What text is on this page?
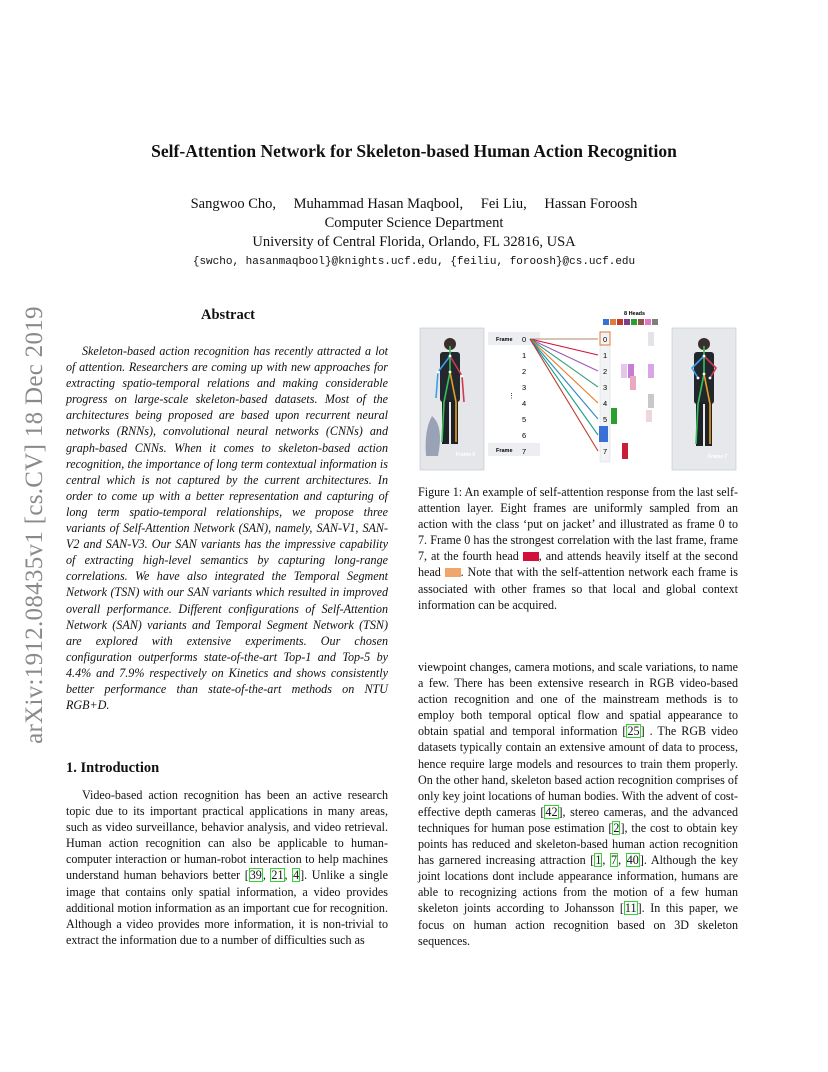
arXiv:1912.08435v1 [cs.CV] 18 Dec 2019
Self-Attention Network for Skeleton-based Human Action Recognition
Sangwoo Cho, Muhammad Hasan Maqbool, Fei Liu, Hassan Foroosh
Computer Science Department
University of Central Florida, Orlando, FL 32816, USA
{swcho, hasanmaqbool}@knights.ucf.edu, {feiliu, foroosh}@cs.ucf.edu
Abstract

Skeleton-based action recognition has recently attracted a lot of attention. Researchers are coming up with new approaches for extracting spatio-temporal relations and making considerable progress on large-scale skeleton-based datasets. Most of the architectures being proposed are based upon recurrent neural networks (RNNs), convolutional neural networks (CNNs) and graph-based CNNs. When it comes to skeleton-based action recognition, the importance of long term contextual information is central which is not captured by the current architectures. In order to come up with a better representation and capturing of long term spatio-temporal relationships, we propose three variants of Self-Attention Network (SAN), namely, SAN-V1, SAN-V2 and SAN-V3. Our SAN variants has the impressive capability of extracting high-level semantics by capturing long-range correlations. We have also integrated the Temporal Segment Network (TSN) with our SAN variants which resulted in improved overall performance. Different configurations of Self-Attention Network (SAN) variants and Temporal Segment Network (TSN) are explored with extensive experiments. Our chosen configuration outperforms state-of-the-art Top-1 and Top-5 by 4.4% and 7.9% respectively on Kinetics and shows consistently better performance than state-of-the-art methods on NTU RGB+D.

1. Introduction

Video-based action recognition has been an active research topic due to its important practical applications in many areas, such as video surveillance, behavior analysis, and video retrieval. Human action recognition can also be applicable to human-computer interaction or human-robot interaction to help machines understand human behaviors better [39, 21, 4]. Unlike a single image that contains only spatial information, a video provides additional motion information as an important cue for recognition. Although a video provides more information, it is non-trivial to extract the information due to a number of difficulties such as

Frame 0	Frame 7
8 Heads
Frame
Frame
0
1
2
3
4
5
6
7
⋮
0
1
2
3
4
5
7

Figure 1: An example of self-attention response from the last self-attention layer. Eight frames are uniformly sampled from an action with the class ‘put on jacket’ and illustrated as frame 0 to 7. Frame 0 has the strongest correlation with the last frame, frame 7, at the fourth head , and attends heavily itself at the second head . Note that with the self-attention network each frame is associated with other frames so that local and global context information can be acquired.

viewpoint changes, camera motions, and scale variations, to name a few. There has been extensive research in RGB video-based action recognition and one of the mainstream methods is to employ both temporal optical flow and spatial appearance to obtain spatial and temporal information [25] . The RGB video datasets typically contain an extensive amount of data to process, hence require large models and resources to train them properly. On the other hand, skeleton based action recognition comprises of only key joint locations of human bodies. With the advent of cost-effective depth cameras [42], stereo cameras, and the advanced techniques for human pose estimation [2], the cost to obtain key points has reduced and skeleton-based human action recognition has garnered increasing attraction [1, 7, 40]. Although the key joint locations dont include appearance information, humans are able to recognizing actions from the motion of a few human skeleton joints according to Johansson [11]. In this paper, we focus on human action recognition based on 3D skeleton sequences.
